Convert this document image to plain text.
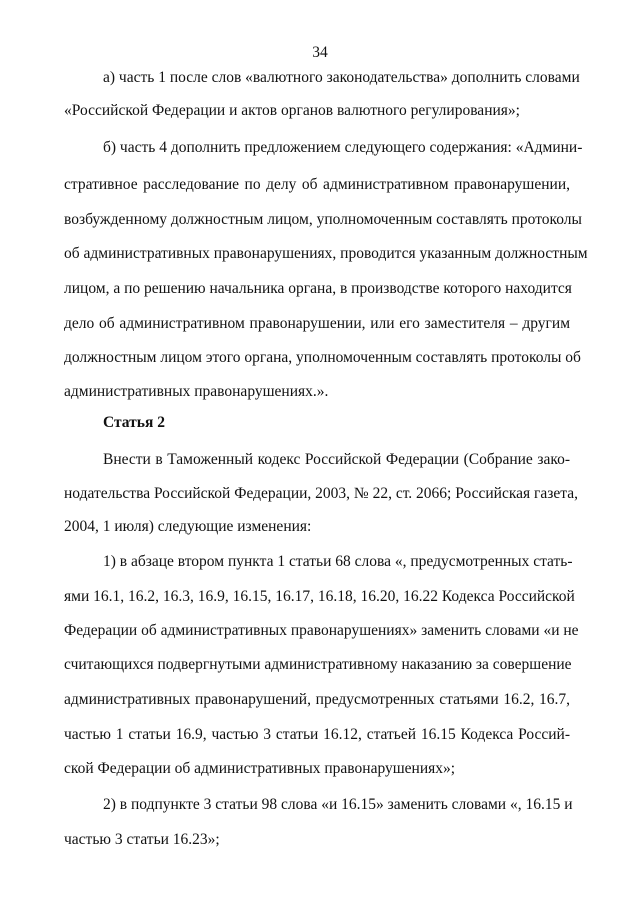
34
а) часть 1 после слов «валютного законодательства» дополнить словами
«Российской Федерации и актов органов валютного регулирования»;
б) часть 4 дополнить предложением следующего содержания: «Админи-
стративное расследование по делу об административном правонарушении,
возбужденному должностным лицом, уполномоченным составлять протоколы
об административных правонарушениях, проводится указанным должностным
лицом, а по решению начальника органа, в производстве которого находится
дело об административном правонарушении, или его заместителя – другим
должностным лицом этого органа, уполномоченным составлять протоколы об
административных правонарушениях.».
Статья 2
Внести в Таможенный кодекс Российской Федерации (Собрание зако-
нодательства Российской Федерации, 2003, № 22, ст. 2066; Российская газета,
2004, 1 июля) следующие изменения:
1) в абзаце втором пункта 1 статьи 68 слова «, предусмотренных стать-
ями 16.1, 16.2, 16.3, 16.9, 16.15, 16.17, 16.18, 16.20, 16.22 Кодекса Российской
Федерации об административных правонарушениях» заменить словами «и не
считающихся подвергнутыми административному наказанию за совершение
административных правонарушений, предусмотренных статьями 16.2, 16.7,
частью 1 статьи 16.9, частью 3 статьи 16.12, статьей 16.15 Кодекса Россий-
ской Федерации об административных правонарушениях»;
2) в подпункте 3 статьи 98 слова «и 16.15» заменить словами «, 16.15 и
частью 3 статьи 16.23»;
